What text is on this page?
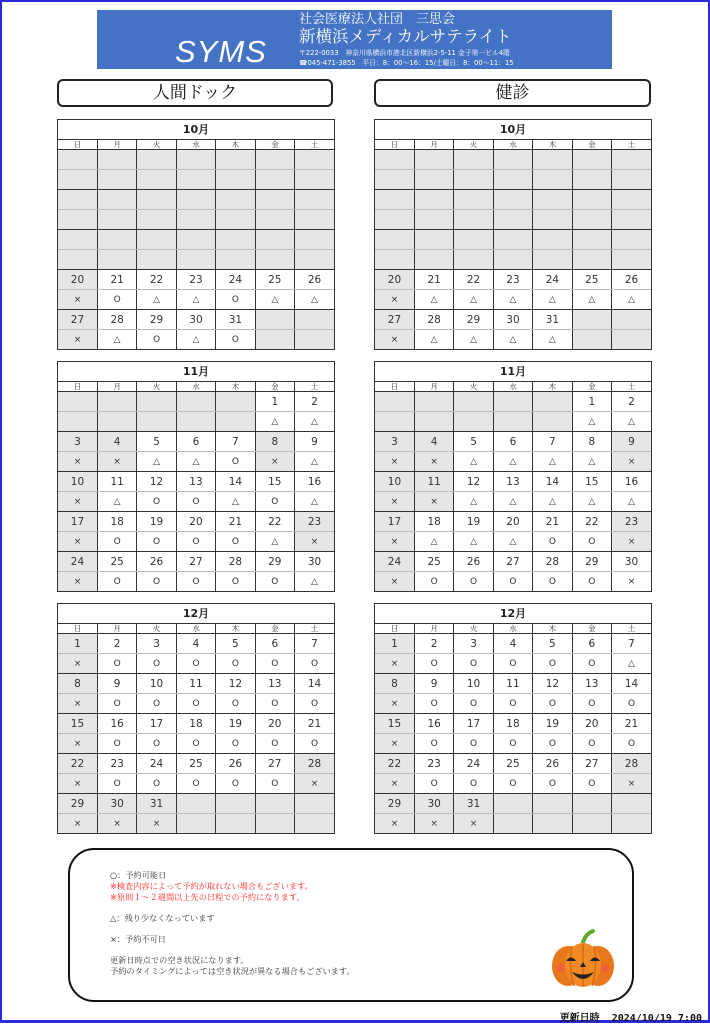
SYMS
社会医療法人社団　三思会
新横浜メディカルサテライト
〒222-0033　神奈川県横浜市港北区新横浜2-5-11 金子第一ビル4階
☎045-471-3855　平日：8：00～16：15/土曜日：8：00～11：15
人間ドック	健診
10月
日	月	火	水	木	金	土

20	21	22	23	24	25	26
×	O	△	△	O	△	△
27	28	29	30	31		
×	△	O	△	O		
11月
日	月	火	水	木	金	土
					1	2
					△	△
3	4	5	6	7	8	9
×	×	△	△	O	×	△
10	11	12	13	14	15	16
×	△	O	O	△	O	△
17	18	19	20	21	22	23
×	O	O	O	O	△	×
24	25	26	27	28	29	30
×	O	O	O	O	O	△
12月
日	月	火	水	木	金	土
1	2	3	4	5	6	7
×	O	O	O	O	O	O
8	9	10	11	12	13	14
×	O	O	O	O	O	O
15	16	17	18	19	20	21
×	O	O	O	O	O	O
22	23	24	25	26	27	28
×	O	O	O	O	O	×
29	30	31				
×	×	×				
10月
日	月	火	水	木	金	土

20	21	22	23	24	25	26
×	△	△	△	△	△	△
27	28	29	30	31		
×	△	△	△	△		
11月
日	月	火	水	木	金	土
					1	2
					△	△
3	4	5	6	7	8	9
×	×	△	△	△	△	×
10	11	12	13	14	15	16
×	×	△	△	△	△	△
17	18	19	20	21	22	23
×	△	△	△	O	O	×
24	25	26	27	28	29	30
×	O	O	O	O	O	×
12月
日	月	火	水	木	金	土
1	2	3	4	5	6	7
×	O	O	O	O	O	△
8	9	10	11	12	13	14
×	O	O	O	O	O	O
15	16	17	18	19	20	21
×	O	O	O	O	O	O
22	23	24	25	26	27	28
×	O	O	O	O	O	×
29	30	31				
×	×	×				
○：予約可能日
※検査内容によって予約が取れない場合もございます。
※原則１～２週間以上先の日程での予約になります。
△：残り少なくなっています
×：予約不可日
更新日時点での空き状況になります。
予約のタイミングによっては空き状況が異なる場合もございます。
更新日時 2024/10/19 7:00
